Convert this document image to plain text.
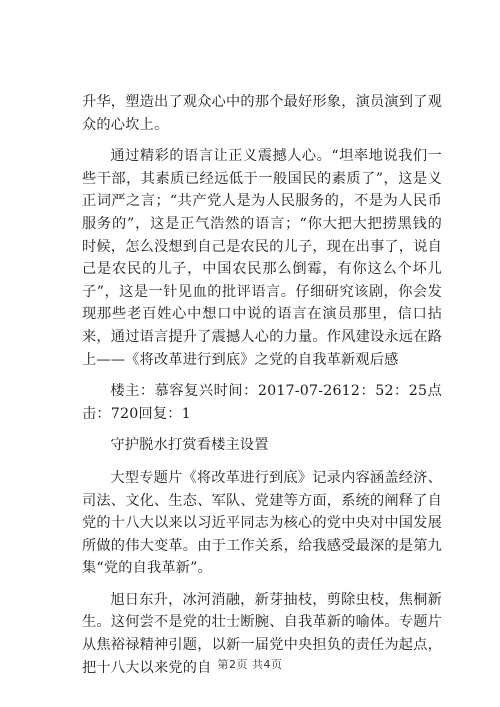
升华，塑造出了观众心中的那个最好形象，演员演到了观众的心坎上。

通过精彩的语言让正义震撼人心。“坦率地说我们一些干部，其素质已经远低于一般国民的素质了”，这是义正词严之言；“共产党人是为人民服务的，不是为人民币服务的”，这是正气浩然的语言；“你大把大把捞黑钱的时候，怎么没想到自己是农民的儿子，现在出事了，说自己是农民的儿子，中国农民那么倒霉，有你这么个坏儿子”，这是一针见血的批评语言。仔细研究该剧，你会发现那些老百姓心中想口中说的语言在演员那里，信口拈来，通过语言提升了震撼人心的力量。作风建设永远在路上——《将改革进行到底》之党的自我革新观后感

楼主：慕容复兴时间：2017-07-2612：52：25点击：720回复：1

守护脱水打赏看楼主设置

大型专题片《将改革进行到底》记录内容涵盖经济、司法、文化、生态、军队、党建等方面，系统的阐释了自党的十八大以来以习近平同志为核心的党中央对中国发展所做的伟大变革。由于工作关系，给我感受最深的是第九集“党的自我革新”。

旭日东升，冰河消融，新芽抽枝，剪除虫枝，焦桐新生。这何尝不是党的壮士断腕、自我革新的喻体。专题片从焦裕禄精神引题，以新一届党中央担负的责任为起点，把十八大以来党的自 第2页 共4页
